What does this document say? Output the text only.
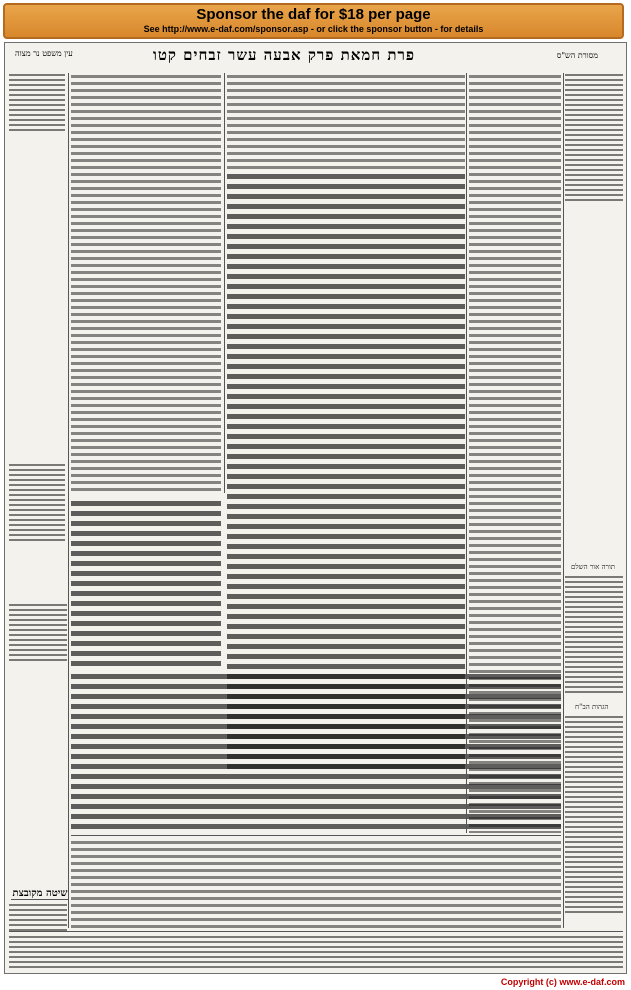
Sponsor the daf for $18 per page
See http://www.e-daf.com/sponsor.asp - or click the sponsor button - for details
עין משפט נר מצוה	פרת חמאת פרק אבעה עשר זבחים קטו	מסורת הש"ס
תורה אור השלם
הגהות הב"ח
שיטה מקובצת
Copyright (c) www.e-daf.com
